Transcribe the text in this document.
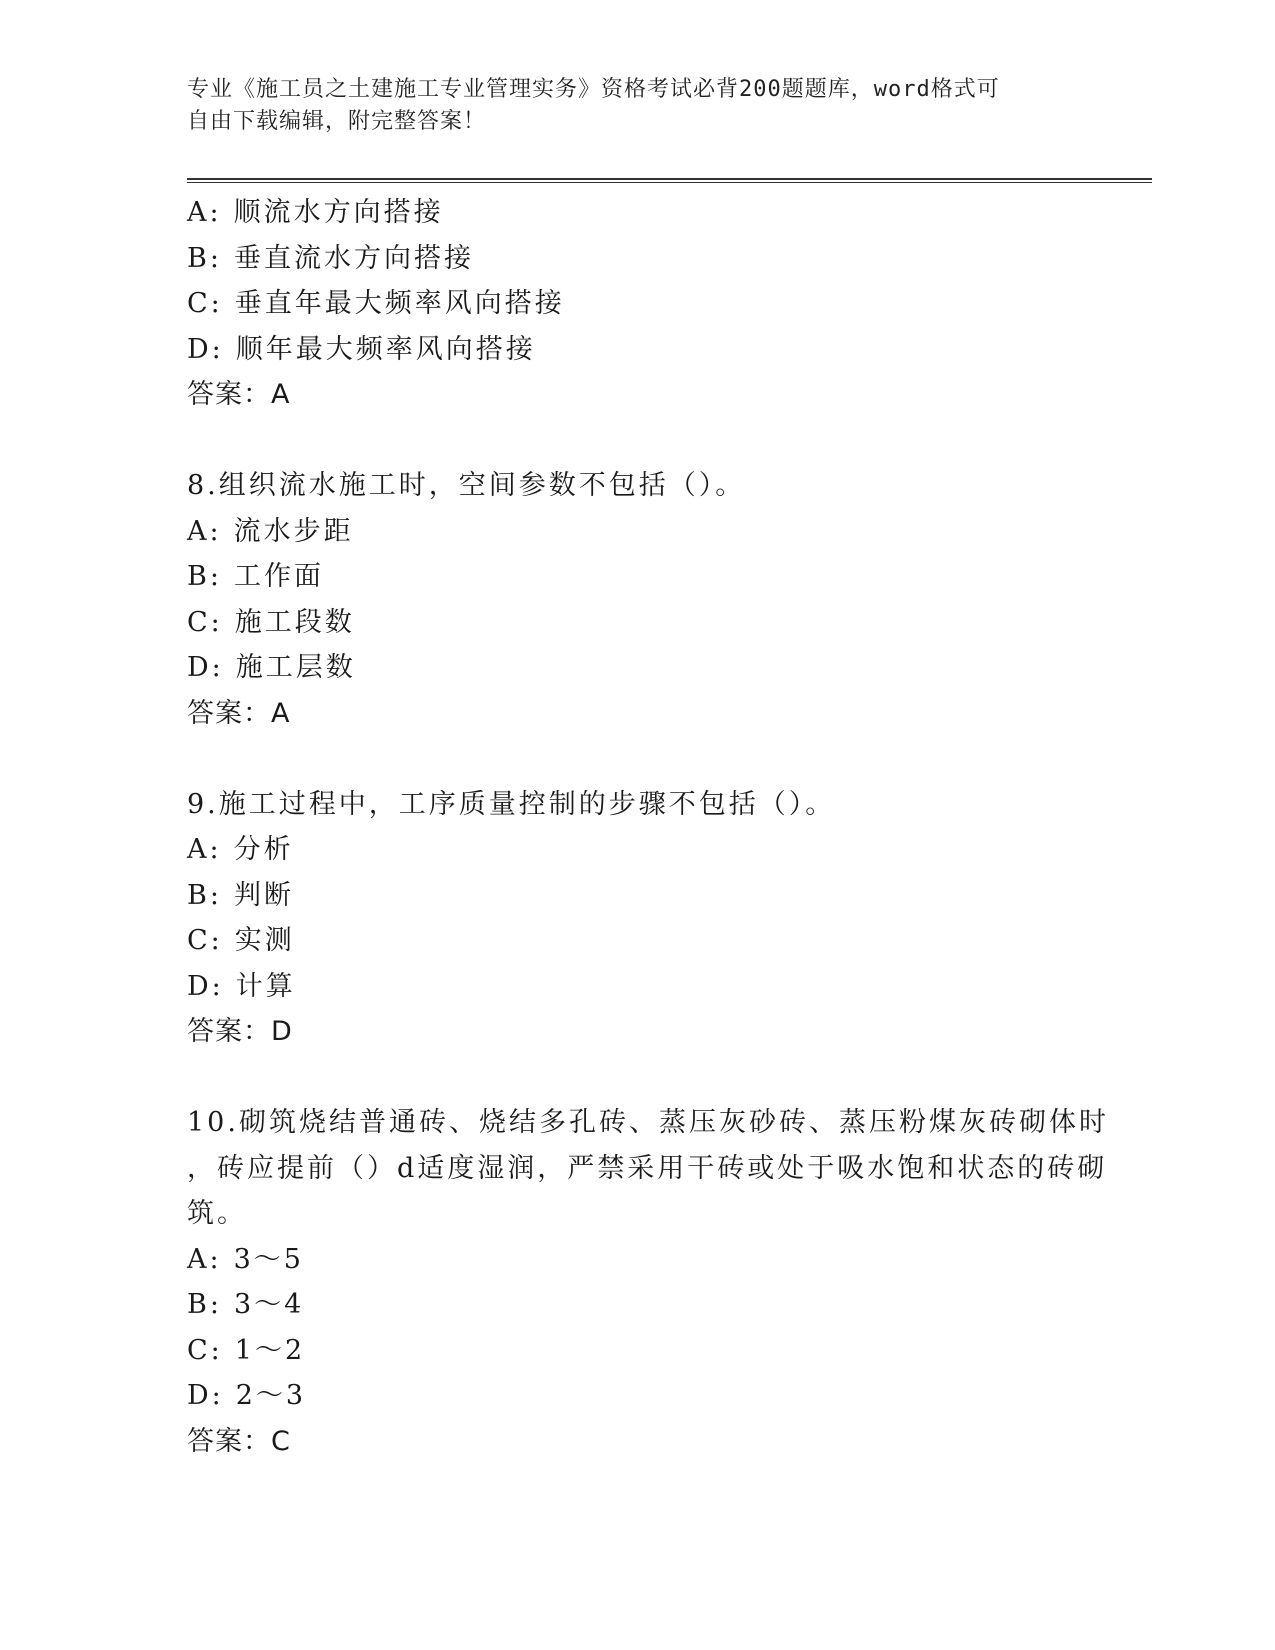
专业《施工员之土建施工专业管理实务》资格考试必背200题题库，word格式可
自由下载编辑，附完整答案！
A: 顺流水方向搭接
B: 垂直流水方向搭接
C: 垂直年最大频率风向搭接
D: 顺年最大频率风向搭接
答案：A
8.组织流水施工时，空间参数不包括（）。
A: 流水步距
B: 工作面
C: 施工段数
D: 施工层数
答案：A
9.施工过程中，工序质量控制的步骤不包括（）。
A: 分析
B: 判断
C: 实测
D: 计算
答案：D
10.砌筑烧结普通砖、烧结多孔砖、蒸压灰砂砖、蒸压粉煤灰砖砌体时
，砖应提前（）d适度湿润，严禁采用干砖或处于吸水饱和状态的砖砌
筑。
A: 3～5
B: 3～4
C: 1～2
D: 2～3
答案：C
